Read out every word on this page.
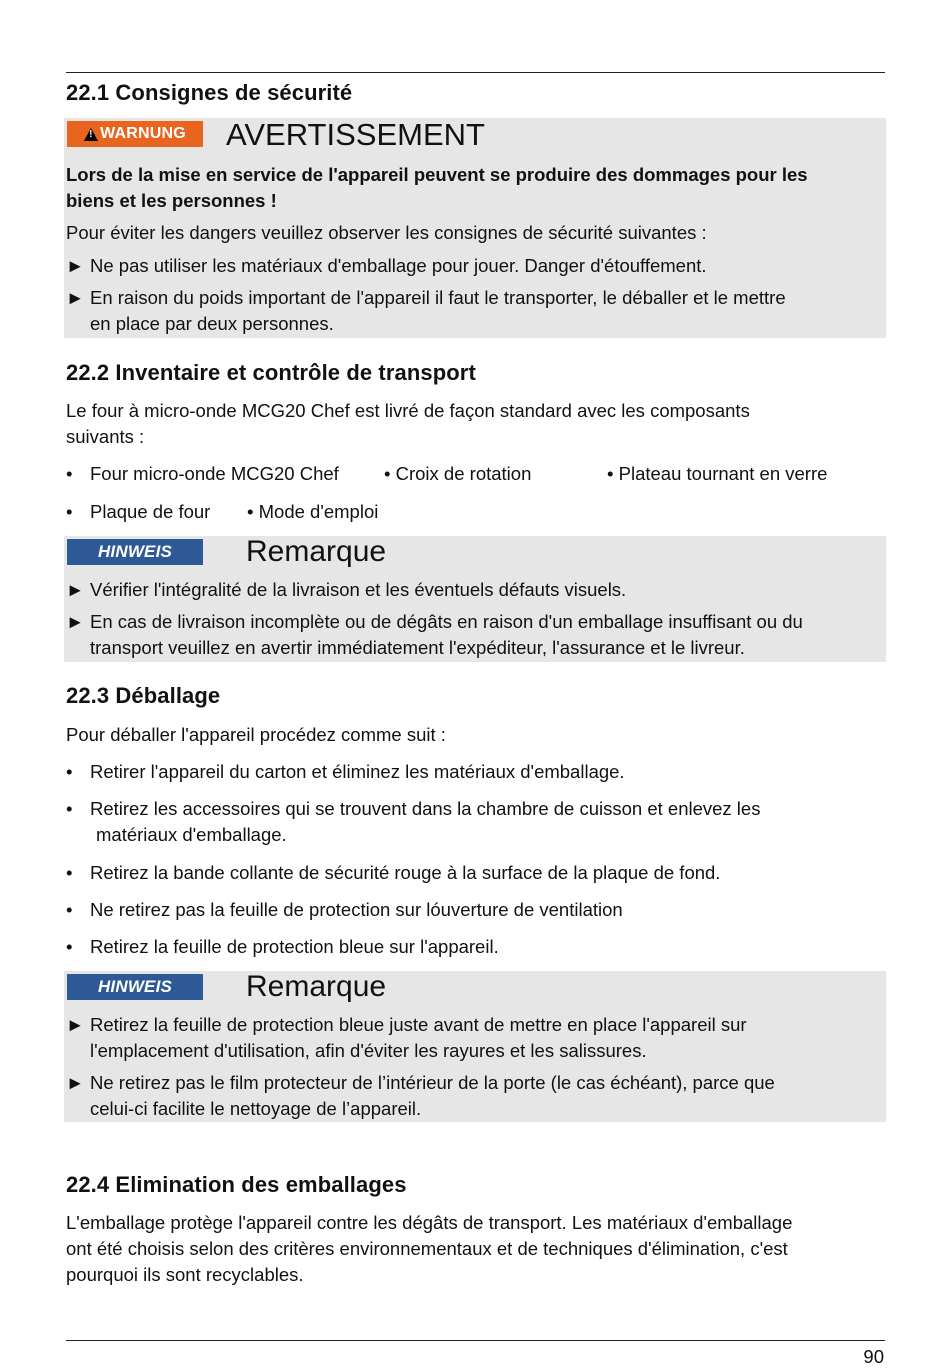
22.1 Consignes de sécurité
!
WARNUNG AVERTISSEMENT

Lors de la mise en service de l'appareil peuvent se produire des dommages pour les

biens et les personnes !

Pour éviter les dangers veuillez observer les consignes de sécurité suivantes :

► Ne pas utiliser les matériaux d'emballage pour jouer. Danger d'étouffement.

► En raison du poids important de l'appareil il faut le transporter, le déballer et le mettre

en place par deux personnes.

22.2 Inventaire et contrôle de transport

Le four à micro-onde MCG20 Chef est livré de façon standard avec les composants

suivants :

• Four micro-onde MCG20 Chef • Croix de rotation	• Plateau tournant en verre
• Plaque de four • Mode d'emploi
HINWEIS	Remarque

► Vérifier l'intégralité de la livraison et les éventuels défauts visuels.

► En cas de livraison incomplète ou de dégâts en raison d'un emballage insuffisant ou du

transport veuillez en avertir immédiatement l'expéditeur, l'assurance et le livreur.

22.3 Déballage

Pour déballer l'appareil procédez comme suit :

• Retirer l'appareil du carton et éliminez les matériaux d'emballage.
• Retirez les accessoires qui se trouvent dans la chambre de cuisson et enlevez les
matériaux d'emballage.
• Retirez la bande collante de sécurité rouge à la surface de la plaque de fond.
• Ne retirez pas la feuille de protection sur lóuverture de ventilation
• Retirez la feuille de protection bleue sur l'appareil.
HINWEIS	Remarque

► Retirez la feuille de protection bleue juste avant de mettre en place l'appareil sur

l'emplacement d'utilisation, afin d'éviter les rayures et les salissures.

► Ne retirez pas le film protecteur de l’intérieur de la porte (le cas échéant), parce que

celui-ci facilite le nettoyage de l’appareil.

22.4 Elimination des emballages

L'emballage protège l'appareil contre les dégâts de transport. Les matériaux d'emballage

ont été choisis selon des critères environnementaux et de techniques d'élimination, c'est

pourquoi ils sont recyclables.

90
